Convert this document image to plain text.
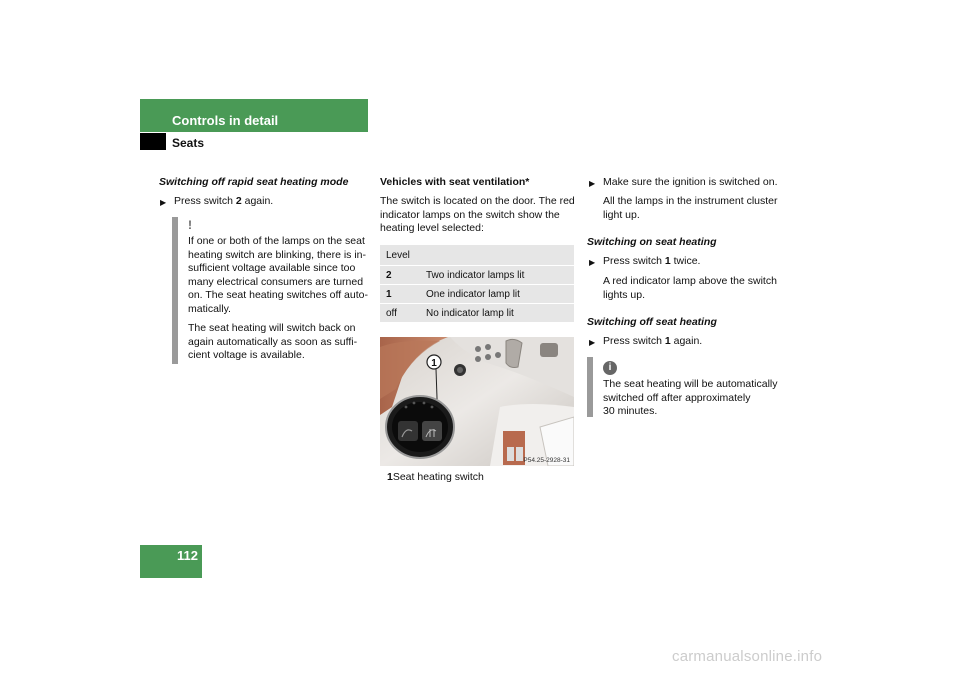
Controls in detail
Seats

Switching off rapid seat heating mode

▶ Press switch 2 again.

!

If one or both of the lamps on the seat
heating switch are blinking, there is in-
sufficient voltage available since too
many electrical consumers are turned
on. The seat heating switches off auto-
matically.

The seat heating will switch back on
again automatically as soon as suffi-
cient voltage is available.

Vehicles with seat ventilation*

The switch is located on the door. The red
indicator lamps on the switch show the
heating level selected:

Level	
2	Two indicator lamps lit
1	One indicator lamp lit
off	No indicator lamp lit
1
P54.25-2928-31

1Seat heating switch

▶ Make sure the ignition is switched on.

All the lamps in the instrument cluster
light up.

Switching on seat heating

▶ Press switch 1 twice.

A red indicator lamp above the switch
lights up.

Switching off seat heating

▶ Press switch 1 again.

i

The seat heating will be automatically
switched off after approximately
30 minutes.

112
carmanualsonline.info
